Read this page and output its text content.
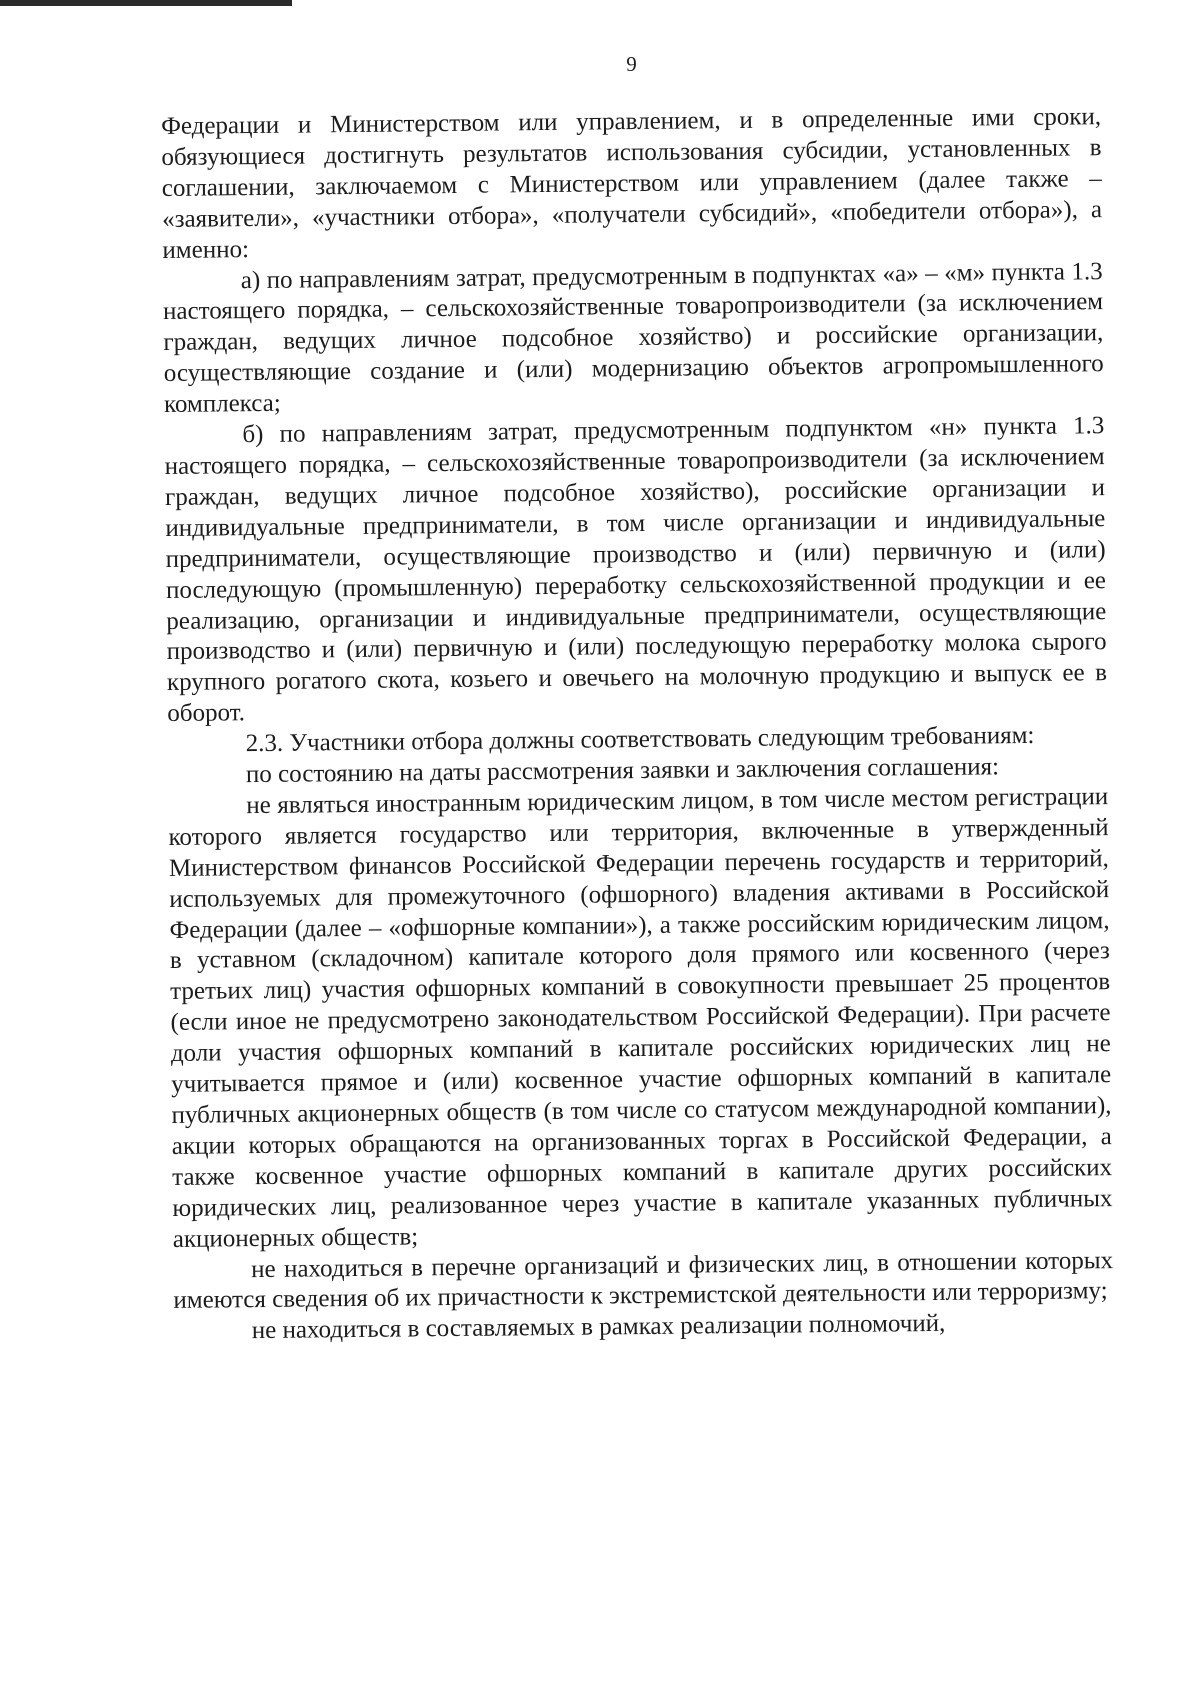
9

Федерации и Министерством или управлением, и в определенные ими сроки, обязующиеся достигнуть результатов использования субсидии, установленных в соглашении, заключаемом с Министерством или управлением (далее также – «заявители», «участники отбора», «получатели субсидий», «победители отбора»), а именно:

а) по направлениям затрат, предусмотренным в подпунктах «а» – «м» пункта 1.3 настоящего порядка, – сельскохозяйственные товаропроизводители (за исключением граждан, ведущих личное подсобное хозяйство) и российские организации, осуществляющие создание и (или) модернизацию объектов агропромышленного комплекса;

б) по направлениям затрат, предусмотренным подпунктом «н» пункта 1.3 настоящего порядка, – сельскохозяйственные товаропроизводители (за исключением граждан, ведущих личное подсобное хозяйство), российские организации и индивидуальные предприниматели, в том числе организации и индивидуальные предприниматели, осуществляющие производство и (или) первичную и (или) последующую (промышленную) переработку сельскохозяйственной продукции и ее реализацию, организации и индивидуальные предприниматели, осуществляющие производство и (или) первичную и (или) последующую переработку молока сырого крупного рогатого скота, козьего и овечьего на молочную продукцию и выпуск ее в оборот.

2.3. Участники отбора должны соответствовать следующим требованиям:

по состоянию на даты рассмотрения заявки и заключения соглашения:

не являться иностранным юридическим лицом, в том числе местом регистрации которого является государство или территория, включенные в утвержденный Министерством финансов Российской Федерации перечень государств и территорий, используемых для промежуточного (офшорного) владения активами в Российской Федерации (далее – «офшорные компании»), а также российским юридическим лицом, в уставном (складочном) капитале которого доля прямого или косвенного (через третьих лиц) участия офшорных компаний в совокупности превышает 25 процентов (если иное не предусмотрено законодательством Российской Федерации). При расчете доли участия офшорных компаний в капитале российских юридических лиц не учитывается прямое и (или) косвенное участие офшорных компаний в капитале публичных акционерных обществ (в том числе со статусом международной компании), акции которых обращаются на организованных торгах в Российской Федерации, а также косвенное участие офшорных компаний в капитале других российских юридических лиц, реализованное через участие в капитале указанных публичных акционерных обществ;

не находиться в перечне организаций и физических лиц, в отношении которых имеются сведения об их причастности к экстремистской деятельности или терроризму;

не находиться в составляемых в рамках реализации полномочий,
